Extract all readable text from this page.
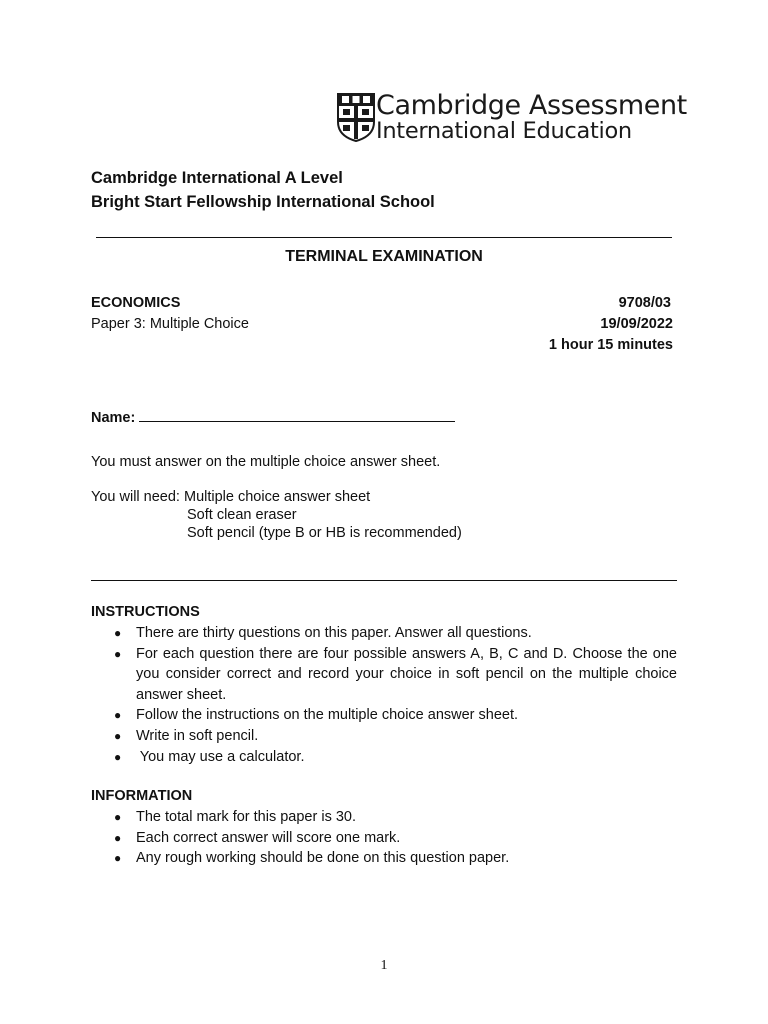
Cambridge Assessment
International Education
Cambridge International A Level
Bright Start Fellowship International School
TERMINAL EXAMINATION
ECONOMICS
Paper 3: Multiple Choice
9708/03
19/09/2022
1 hour 15 minutes
Name:
You must answer on the multiple choice answer sheet.
You will need: Multiple choice answer sheet
Soft clean eraser
Soft pencil (type B or HB is recommended)
INSTRUCTIONS
● There are thirty questions on this paper. Answer all questions.
● For each question there are four possible answers A, B, C and D. Choose the one you consider correct and record your choice in soft pencil on the multiple choice answer sheet.
● Follow the instructions on the multiple choice answer sheet.
● Write in soft pencil.
● You may use a calculator.
INFORMATION
● The total mark for this paper is 30.
● Each correct answer will score one mark.
● Any rough working should be done on this question paper.
1
